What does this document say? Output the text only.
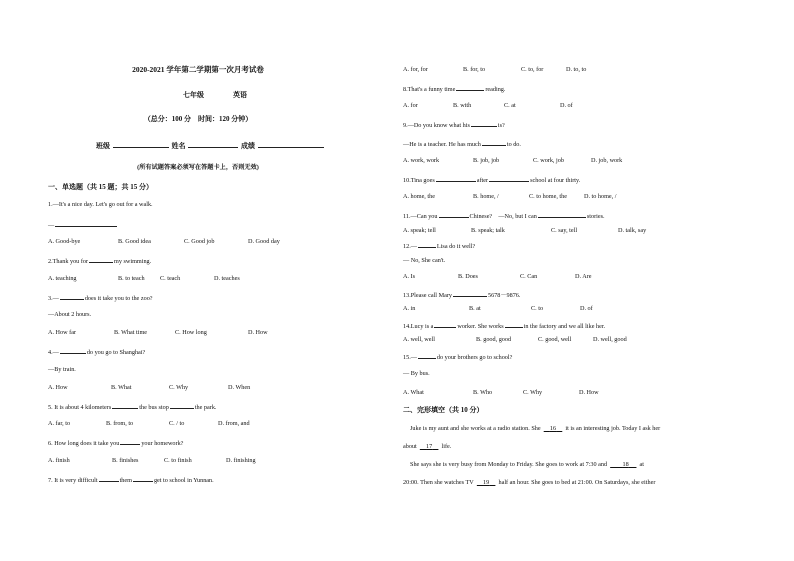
2020-2021 学年第二学期第一次月考试卷
七年级	英语
（总分：100 分　时间：120 分钟）
班级	姓名	成绩
(所有试题答案必须写在答题卡上，否则无效)
一、单选题（共 15 题；共 15 分）
1.—It's a nice day. Let's go out for a walk.
—
A. Good-bye	B. Good idea	C. Good job	D. Good day
2.Thank you for	my swimming.
A. teaching	B. to teach C. teach	D. teaches
3.—	does it take you to the zoo?
—About 2 hours.
A. How far	B. What time	C. How long	D. How
4.—	do you go to Shanghai?
—By train.
A. How	B. What	C. Why	D. When
5. It is about 4 kilometers	the bus stop	the park.
A. far, to	B. from, to	C. / to	D. from, and
6. How long does it take you	your homework?
A. finish	B. finishes	C. to finish	D. finishing
7. It is very difficult	them	get to school in Yunnan.
A. for, for	B. for, to	C. to, for	D. to, to
8.That's a funny time	reading.
A. for	B. with	C. at	D. of
9.—Do you know what his	is?
—He is a teacher. He has much	to do.
A. work, work	B. job, job	C. work, job	D. job, work
10.Tina goes	after	school at four thirty.
A. home, the	B. home, /	C. to home, the	D. to home, /
11.—Can you	Chinese?　—No, but I can	stories.
A. speak; tell	B. speak; talk	C. say, tell	D. talk, say
12.—	Lisa do it well?
— No, She can't.
A. Is	B. Does	C. Can	D. Are
13.Please call Mary	5678－9876.
A. in	B. at	C. to	D. of
14.Lucy is a	worker. She works	in the factory and we all like her.
A. well, well	B. good, good	C. good, well	D. well, good
15.—	do your brothers go to school?
— By bus.
A. What	B. Who	C. Why	D. How
二、完形填空（共 10 分）
Juke is my aunt and she works at a radio station. She 16 it is an interesting job. Today I ask her
about 17 life.
She says she is very busy from Monday to Friday. She goes to work at 7:30 and 18 at
20:00. Then she watches TV 19 half an hour. She goes to bed at 21:00. On Saturdays, she either
